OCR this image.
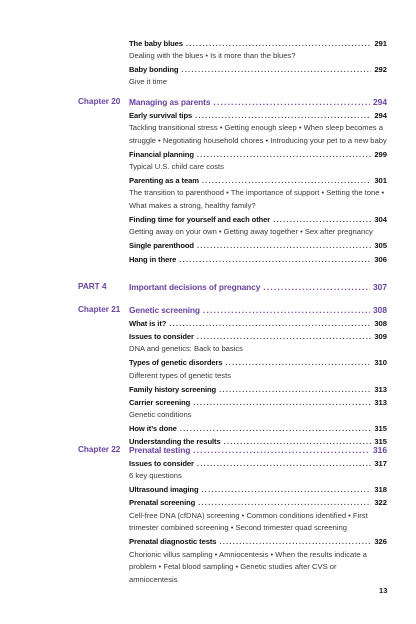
The baby blues .....	291
Dealing with the blues • Is it more than the blues?
Baby bonding .....	292
Give it time
Chapter 20	Managing as parents .....	294
Early survival tips .....	294
Tackling transitional stress • Getting enough sleep • When sleep becomes a struggle • Negotiating household chores • Introducing your pet to a new baby
Financial planning .....	299
Typical U.S. child care costs
Parenting as a team .....	301
The transition to parenthood • The importance of support • Setting the tone • What makes a strong, healthy family?
Finding time for yourself and each other .....	304
Getting away on your own • Getting away together • Sex after pregnancy
Single parenthood .....	305
Hang in there .....	306
PART 4	Important decisions of pregnancy .....	307
Chapter 21	Genetic screening .....	308
What is it? .....	308
Issues to consider .....	309
DNA and genetics: Back to basics
Types of genetic disorders .....	310
Different types of genetic tests
Family history screening .....	313
Carrier screening .....	313
Genetic conditions
How it’s done .....	315
Understanding the results .....	315
Chapter 22	Prenatal testing .....	316
Issues to consider .....	317
6 key questions
Ultrasound imaging .....	318
Prenatal screening .....	322
Cell-free DNA (cfDNA) screening • Common conditions identified • First trimester combined screening • Second trimester quad screening
Prenatal diagnostic tests .....	326
Chorionic villus sampling • Amniocentesis • When the results indicate a problem • Fetal blood sampling • Genetic studies after CVS or amniocentesis
13
